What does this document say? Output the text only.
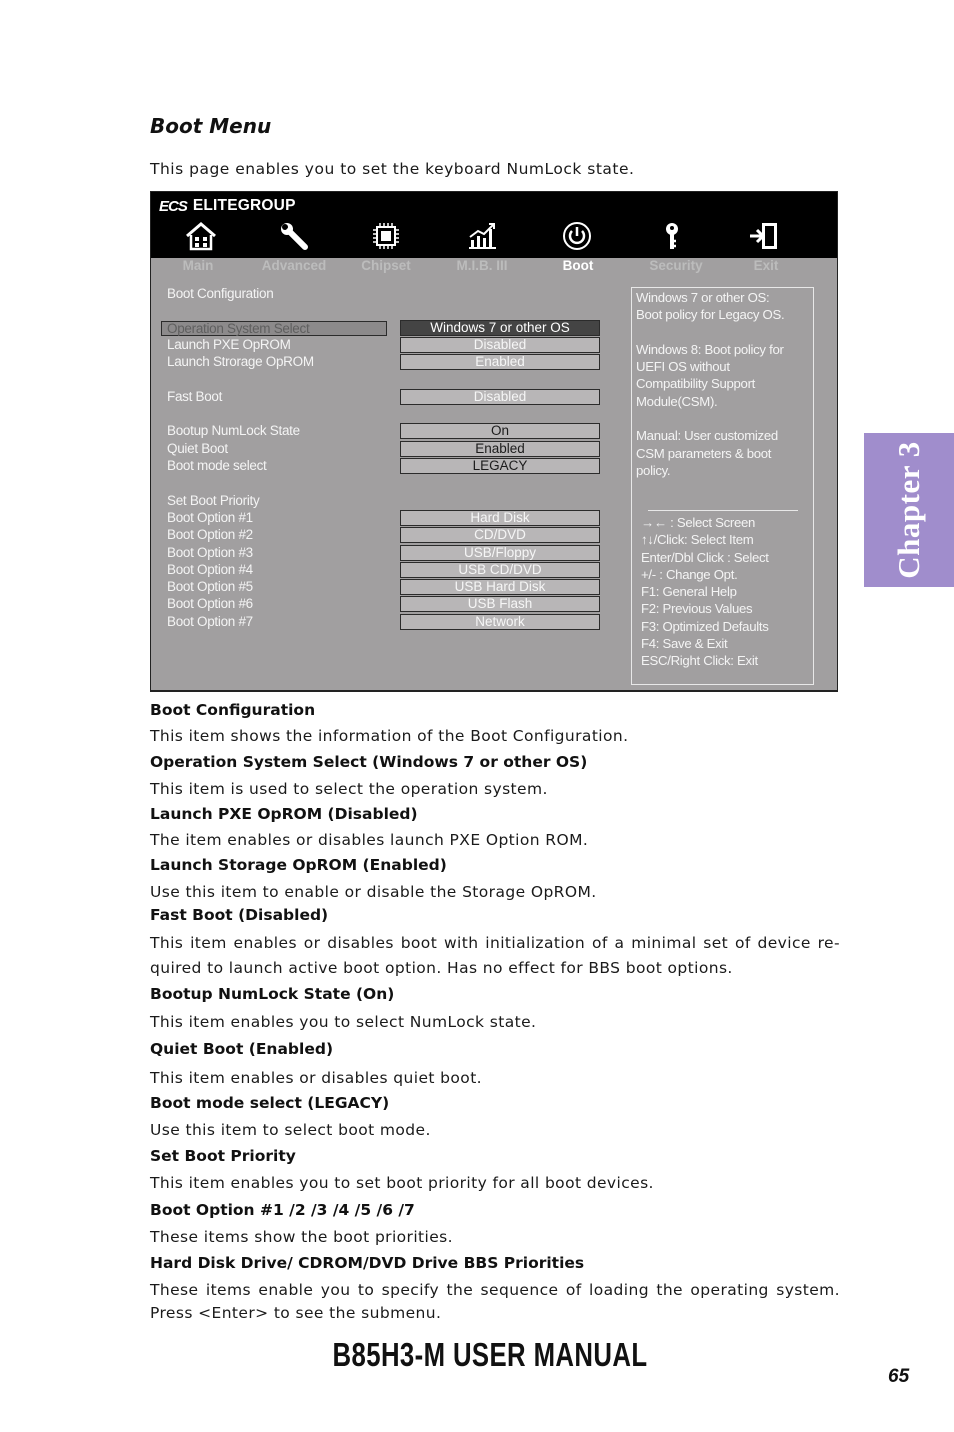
Boot Menu

This page enables you to set the keyboard NumLock state.

ECS ELITEGROUP
Main	Advanced	Chipset	M.I.B. III	Boot	Security	Exit
Boot Configuration
Operation System Select	Windows 7 or other OS
Launch PXE OpROM	Disabled
Launch Strorage OpROM	Enabled
Fast Boot	Disabled
Bootup NumLock State	On
Quiet Boot	Enabled
Boot mode select	LEGACY
Set Boot Priority
Boot Option #1	Hard Disk
Boot Option #2	CD/DVD
Boot Option #3	USB/Floppy
Boot Option #4	USB CD/DVD
Boot Option #5	USB Hard Disk
Boot Option #6	USB Flash
Boot Option #7	Network

Windows 7 or other OS:
Boot policy for Legacy OS.

Windows 8: Boot policy for
UEFI OS without
Compatibility Support
Module(CSM).

Manual: User customized
CSM parameters & boot
policy.

→← : Select Screen
↑↓/Click: Select Item
Enter/Dbl Click : Select
+/- : Change Opt.
F1: General Help
F2: Previous Values
F3: Optimized Defaults
F4: Save & Exit
ESC/Right Click: Exit

Boot Configuration

This item shows the information of the Boot Configuration.

Operation System Select (Windows 7 or other OS)

This item is used to select the operation system.

Launch PXE OpROM (Disabled)

The item enables or disables launch PXE Option ROM.

Launch Storage OpROM (Enabled)

Use this item to enable or disable the Storage OpROM.

Fast Boot (Disabled)

This item enables or disables boot with initialization of a minimal set of device re-quired to launch active boot option. Has no effect for BBS boot options.

Bootup NumLock State (On)

This item enables you to select NumLock state.

Quiet Boot (Enabled)

This item enables or disables quiet boot.

Boot mode select (LEGACY)

Use this item to select boot mode.

Set Boot Priority

This item enables you to set boot priority for all boot devices.

Boot Option #1 /2 /3 /4 /5 /6 /7

These items show the boot priorities.

Hard Disk Drive/ CDROM/DVD Drive BBS Priorities

These items enable you to specify the sequence of loading the operating system. Press <Enter> to see the submenu.

Chapter 3
B85H3-M USER MANUAL

65
